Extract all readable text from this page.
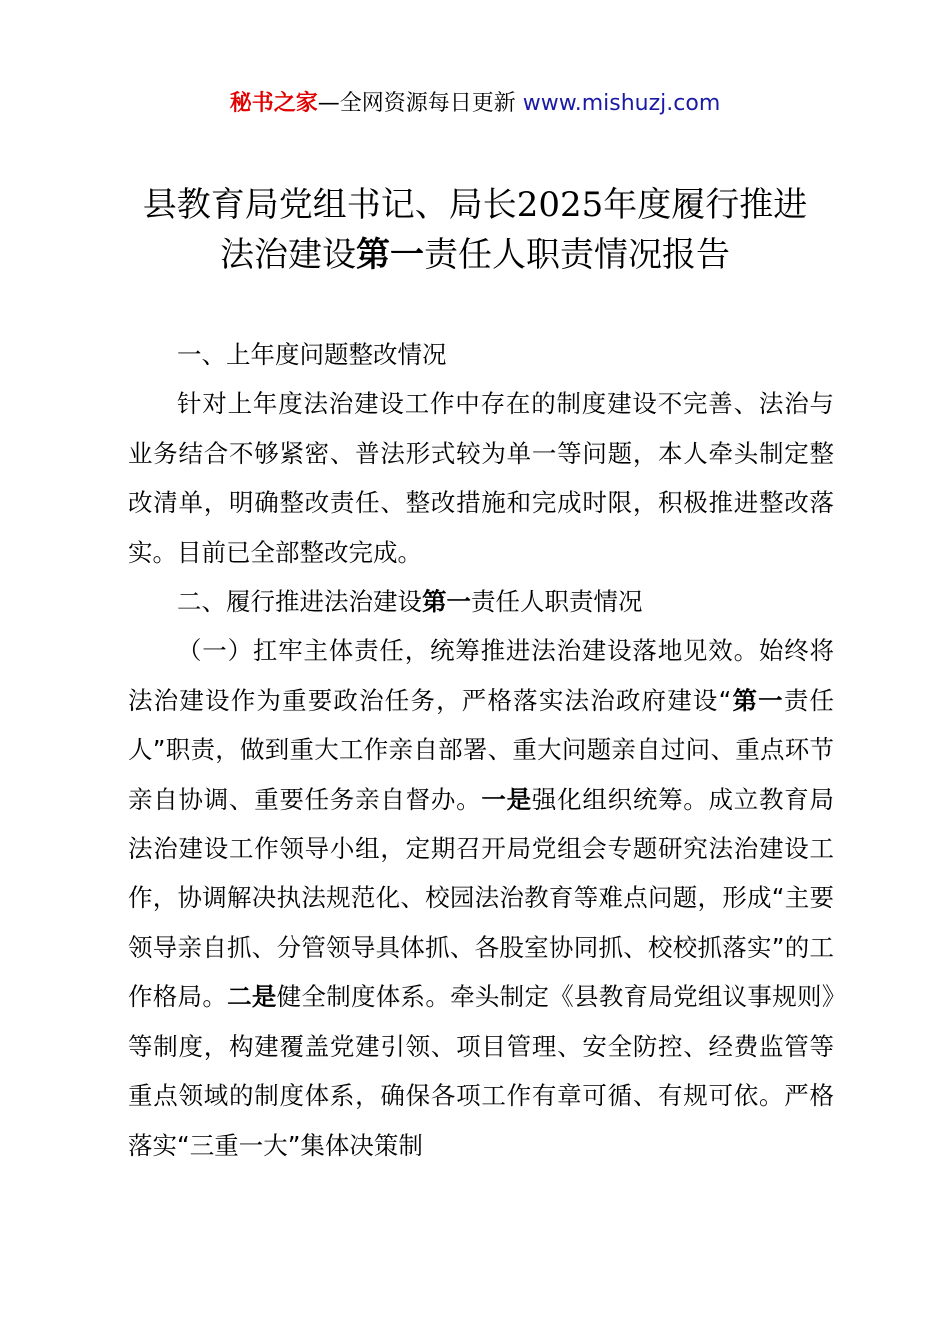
秘书之家—全网资源每日更新 www.mishuzj.com
县教育局党组书记、局长2025年度履行推进
法治建设第一责任人职责情况报告

一、上年度问题整改情况

针对上年度法治建设工作中存在的制度建设不完善、法治与业务结合不够紧密、普法形式较为单一等问题，本人牵头制定整改清单，明确整改责任、整改措施和完成时限，积极推进整改落实。目前已全部整改完成。

二、履行推进法治建设第一责任人职责情况

（一）扛牢主体责任，统筹推进法治建设落地见效。始终将法治建设作为重要政治任务，严格落实法治政府建设“第一责任人”职责，做到重大工作亲自部署、重大问题亲自过问、重点环节亲自协调、重要任务亲自督办。一是强化组织统筹。成立教育局法治建设工作领导小组，定期召开局党组会专题研究法治建设工作，协调解决执法规范化、校园法治教育等难点问题，形成“主要领导亲自抓、分管领导具体抓、各股室协同抓、校校抓落实”的工作格局。二是健全制度体系。牵头制定《县教育局党组议事规则》等制度，构建覆盖党建引领、项目管理、安全防控、经费监管等重点领域的制度体系，确保各项工作有章可循、有规可依。严格落实“三重一大”集体决策制
